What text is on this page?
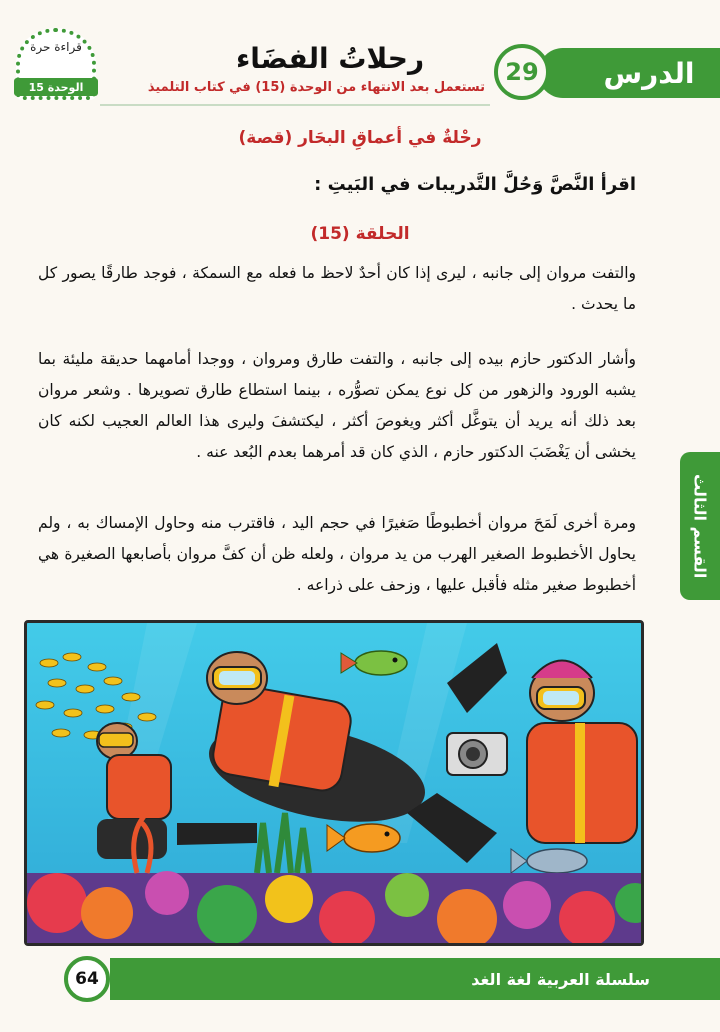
الدرس
29
رحلاتُ الفضَاء
تستعمل بعد الانتهاء من الوحدة (15) في كتاب التلميذ
قراءة حرة
الوحدة 15
القسم الثالث
رحْلةٌ في أعماقِ البحَار (قصة)
اقرأ النَّصَّ وَحُلَّ التَّدريبات في البَيتِ :
الحلقة (15)

والتفت مروان إلى جانبه ، ليرى إذا كان أحدٌ لاحظ ما فعله مع السمكة ، فوجد طارقًا يصور كل ما يحدث .

وأشار الدكتور حازم بيده إلى جانبه ، والتفت طارق ومروان ، ووجدا أمامهما حديقة مليئة بما يشبه الورود والزهور من كل نوع يمكن تصوُّره ، بينما استطاع طارق تصويرها . وشعر مروان بعد ذلك أنه يريد أن يتوغَّل أكثر ويغوصَ أكثر ، ليكتشفَ وليرى هذا العالم العجيب لكنه كان يخشى أن يَغْضَبَ الدكتور حازم ، الذي كان قد أمرهما بعدم البُعد عنه .

ومرة أخرى لَمَحَ مروان أخطبوطًا صَغيرًا في حجم اليد ، فاقترب منه وحاول الإمساك به ، ولم يحاول الأخطبوط الصغير الهرب من يد مروان ، ولعله ظن أن كفَّ مروان بأصابعها الصغيرة هي أخطبوط صغير مثله فأقبل عليها ، وزحف على ذراعه .

سلسلة العربية لغة الغد
64
